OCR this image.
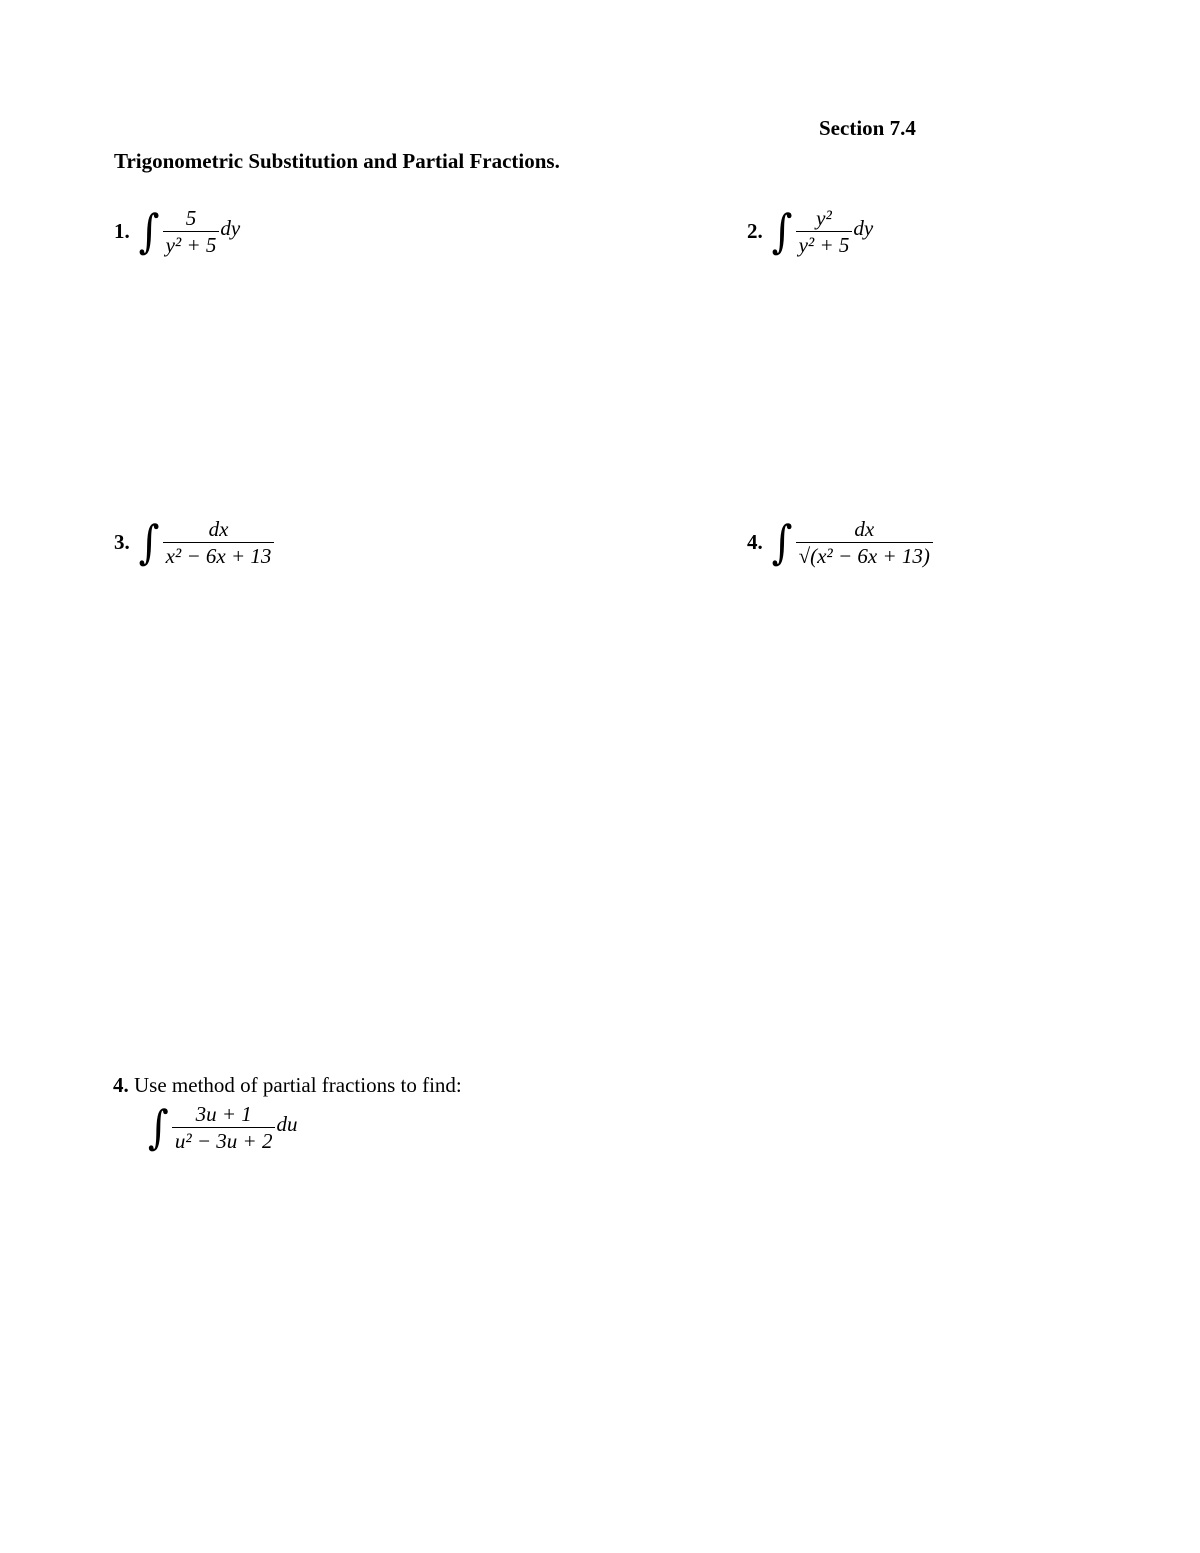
Section 7.4
Trigonometric Substitution and Partial Fractions.
1. ∫ $\frac{5}{\text{y² + 5}}$ dy	2. ∫ $\frac{\text{y²}}{\text{y² + 5}}$ dy
3. ∫ $\frac{dx}{\text{x² − 6x + 13}}$	4. ∫ $\frac{dx}{\text{√(x² − 6x + 13)}}$
4. Use method of partial fractions to find:
∫ $\frac{3u + 1}{\text{u² − 3u + 2}}$ du
